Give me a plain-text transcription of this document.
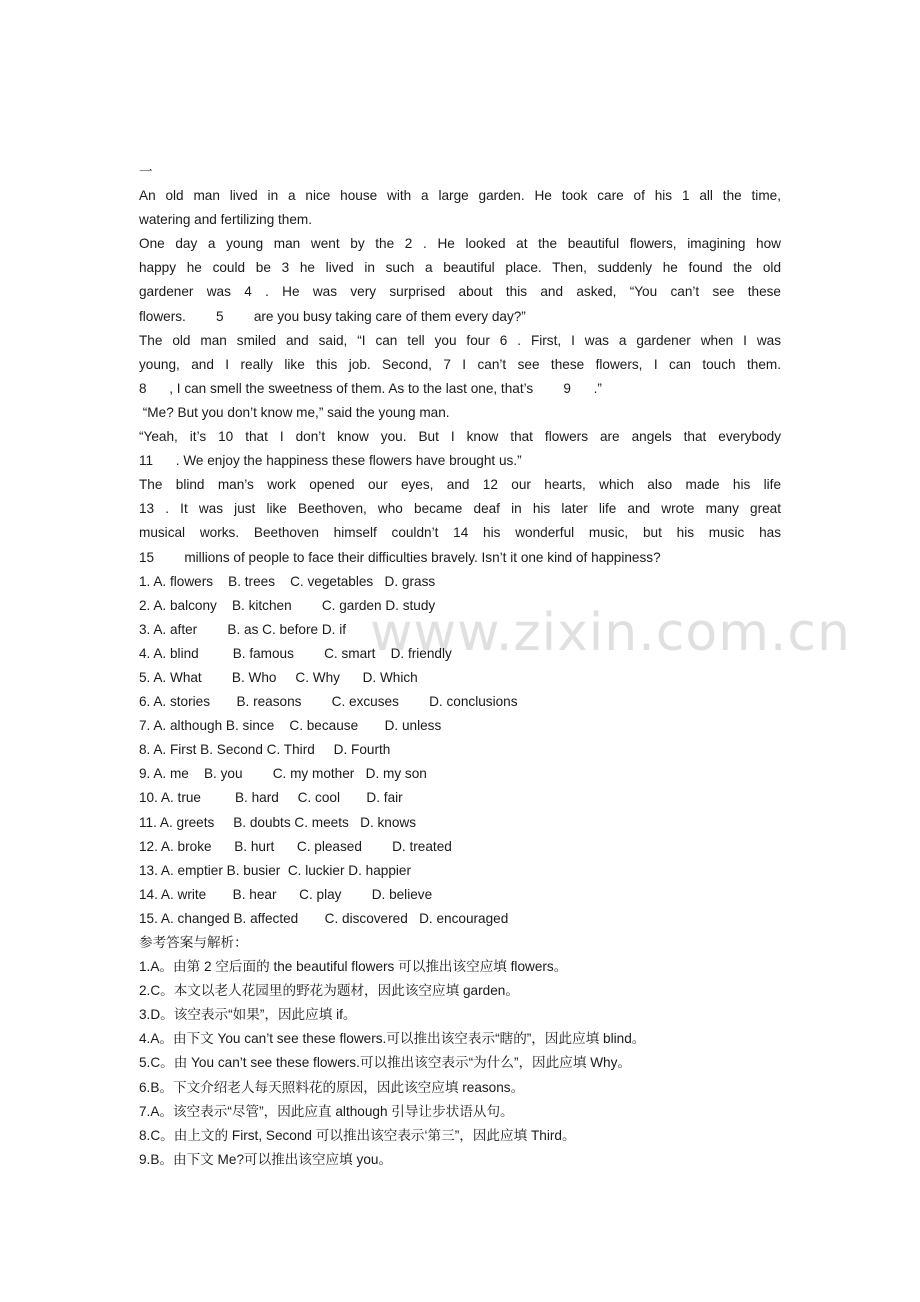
www.zixin.com.cn
一
An old man lived in a nice house with a large garden. He took care of his 1 all the time,
watering and fertilizing them.
One day a young man went by the 2 . He looked at the beautiful flowers, imagining how
happy he could be 3 he lived in such a beautiful place. Then, suddenly he found the old
gardener was 4 . He was very surprised about this and asked, “You can’t see these
flowers.        5        are you busy taking care of them every day?”
The old man smiled and said, “I can tell you four 6 . First, I was a gardener when I was
young, and I really like this job. Second, 7 I can’t see these flowers, I can touch them.
8      , I can smell the sweetness of them. As to the last one, that’s        9      .”
“Me? But you don’t know me,” said the young man.
“Yeah, it’s 10 that I don’t know you. But I know that flowers are angels that everybody
11      . We enjoy the happiness these flowers have brought us.”
The blind man’s work opened our eyes, and 12 our hearts, which also made his life
13 . It was just like Beethoven, who became deaf in his later life and wrote many great
musical works. Beethoven himself couldn’t 14 his wonderful music, but his music has
15        millions of people to face their difficulties bravely. Isn’t it one kind of happiness?
1. A. flowers    B. trees    C. vegetables   D. grass
2. A. balcony    B. kitchen        C. garden D. study
3. A. after        B. as C. before D. if
4. A. blind         B. famous        C. smart    D. friendly
5. A. What        B. Who     C. Why      D. Which
6. A. stories       B. reasons        C. excuses        D. conclusions
7. A. although B. since    C. because       D. unless
8. A. First B. Second C. Third     D. Fourth
9. A. me    B. you        C. my mother   D. my son
10. A. true         B. hard     C. cool       D. fair
11. A. greets     B. doubts C. meets   D. knows
12. A. broke      B. hurt      C. pleased        D. treated
13. A. emptier B. busier  C. luckier D. happier
14. A. write       B. hear      C. play        D. believe
15. A. changed B. affected       C. discovered   D. encouraged
参考答案与解析：
1.A。由第 2 空后面的 the beautiful flowers 可以推出该空应填 flowers。
2.C。本文以老人花园里的野花为题材，因此该空应填 garden。
3.D。该空表示“如果”，因此应填 if。
4.A。由下文 You can’t see these flowers.可以推出该空表示“瞎的”，因此应填 blind。
5.C。由 You can’t see these flowers.可以推出该空表示“为什么”，因此应填 Why。
6.B。下文介绍老人每天照料花的原因，因此该空应填 reasons。
7.A。该空表示“尽管”，因此应直 although 引导让步状语从句。
8.C。由上文的 First, Second 可以推出该空表示‘第三”，因此应填 Third。
9.B。由下文 Me?可以推出该空应填 you。
